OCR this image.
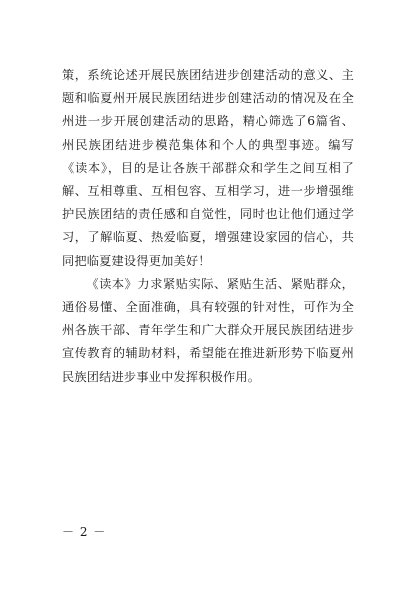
策，系统论述开展民族团结进步创建活动的意义、主题和临夏州开展民族团结进步创建活动的情况及在全州进一步开展创建活动的思路，精心筛选了6篇省、州民族团结进步模范集体和个人的典型事迹。编写《读本》，目的是让各族干部群众和学生之间互相了解、互相尊重、互相包容、互相学习，进一步增强维护民族团结的责任感和自觉性，同时也让他们通过学习，了解临夏、热爱临夏，增强建设家园的信心，共同把临夏建设得更加美好！

《读本》力求紧贴实际、紧贴生活、紧贴群众，通俗易懂、全面准确，具有较强的针对性，可作为全州各族干部、青年学生和广大群众开展民族团结进步宣传教育的辅助材料，希望能在推进新形势下临夏州民族团结进步事业中发挥积极作用。

－ 2 －
